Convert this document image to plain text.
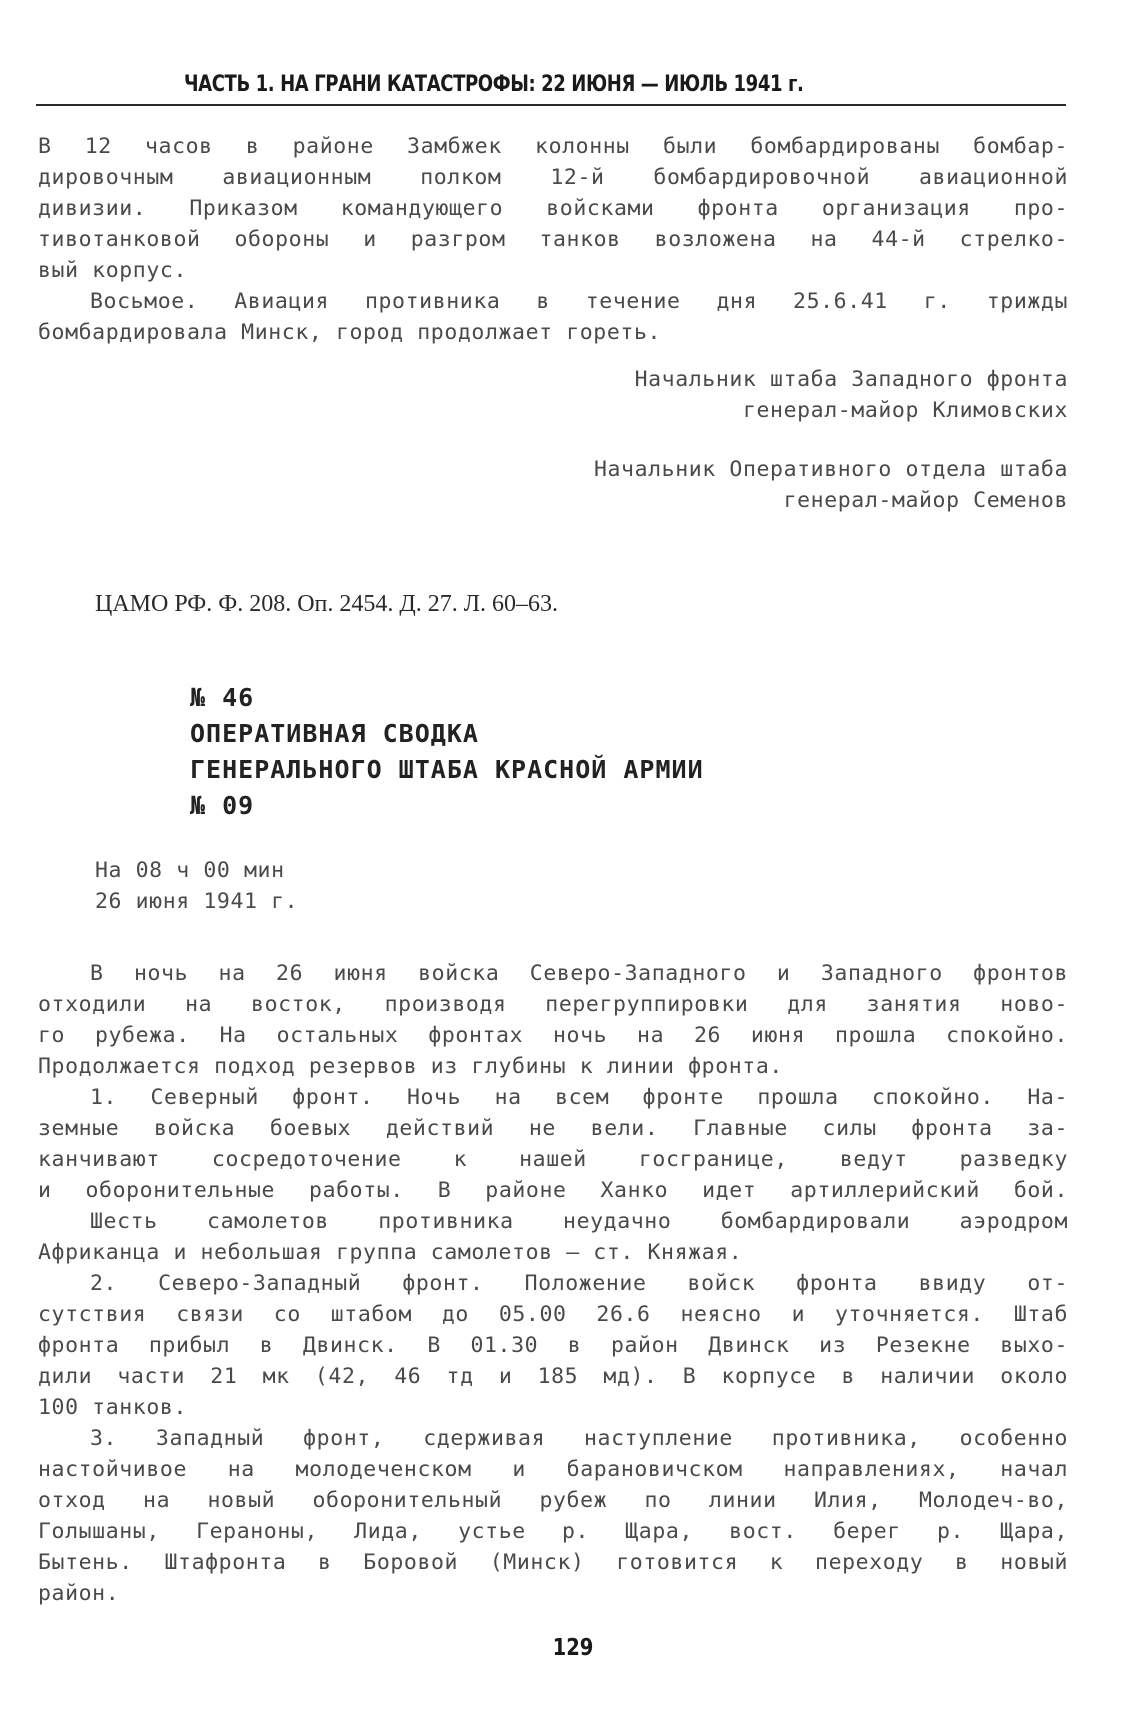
ЧАСТЬ 1. НА ГРАНИ КАТАСТРОФЫ: 22 ИЮНЯ — ИЮЛЬ 1941 г.
В 12 часов в районе Замбжек колонны были бомбардированы бомбар-
дировочным авиационным полком 12-й бомбардировочной авиационной
дивизии. Приказом командующего войсками фронта организация про-
тивотанковой обороны и разгром танков возложена на 44-й стрелко-
вый корпус.
Восьмое. Авиация противника в течение дня 25.6.41 г. трижды
бомбардировала Минск, город продолжает гореть.
Начальник штаба Западного фронта
генерал-майор Климовских
Начальник Оперативного отдела штаба
генерал-майор Семенов
ЦАМО РФ. Ф. 208. Оп. 2454. Д. 27. Л. 60–63.
№ 46
ОПЕРАТИВНАЯ СВОДКА
ГЕНЕРАЛЬНОГО ШТАБА КРАСНОЙ АРМИИ
№ 09
На 08 ч 00 мин
26 июня 1941 г.
В ночь на 26 июня войска Северо-Западного и Западного фронтов
отходили на восток, производя перегруппировки для занятия ново-
го рубежа. На остальных фронтах ночь на 26 июня прошла спокойно.
Продолжается подход резервов из глубины к линии фронта.
1. Северный фронт. Ночь на всем фронте прошла спокойно. На-
земные войска боевых действий не вели. Главные силы фронта за-
канчивают сосредоточение к нашей госгранице, ведут разведку
и оборонительные работы. В районе Ханко идет артиллерийский бой.
Шесть самолетов противника неудачно бомбардировали аэродром
Африканца и небольшая группа самолетов – ст. Княжая.
2. Северо-Западный фронт. Положение войск фронта ввиду от-
сутствия связи со штабом до 05.00 26.6 неясно и уточняется. Штаб
фронта прибыл в Двинск. В 01.30 в район Двинск из Резекне выхо-
дили части 21 мк (42, 46 тд и 185 мд). В корпусе в наличии около
100 танков.
3. Западный фронт, сдерживая наступление противника, особенно
настойчивое на молодеченском и барановичском направлениях, начал
отход на новый оборонительный рубеж по линии Илия, Молодеч-во,
Голышаны, Гераноны, Лида, устье р. Щара, вост. берег р. Щара,
Бытень. Штафронта в Боровой (Минск) готовится к переходу в новый
район.
129
